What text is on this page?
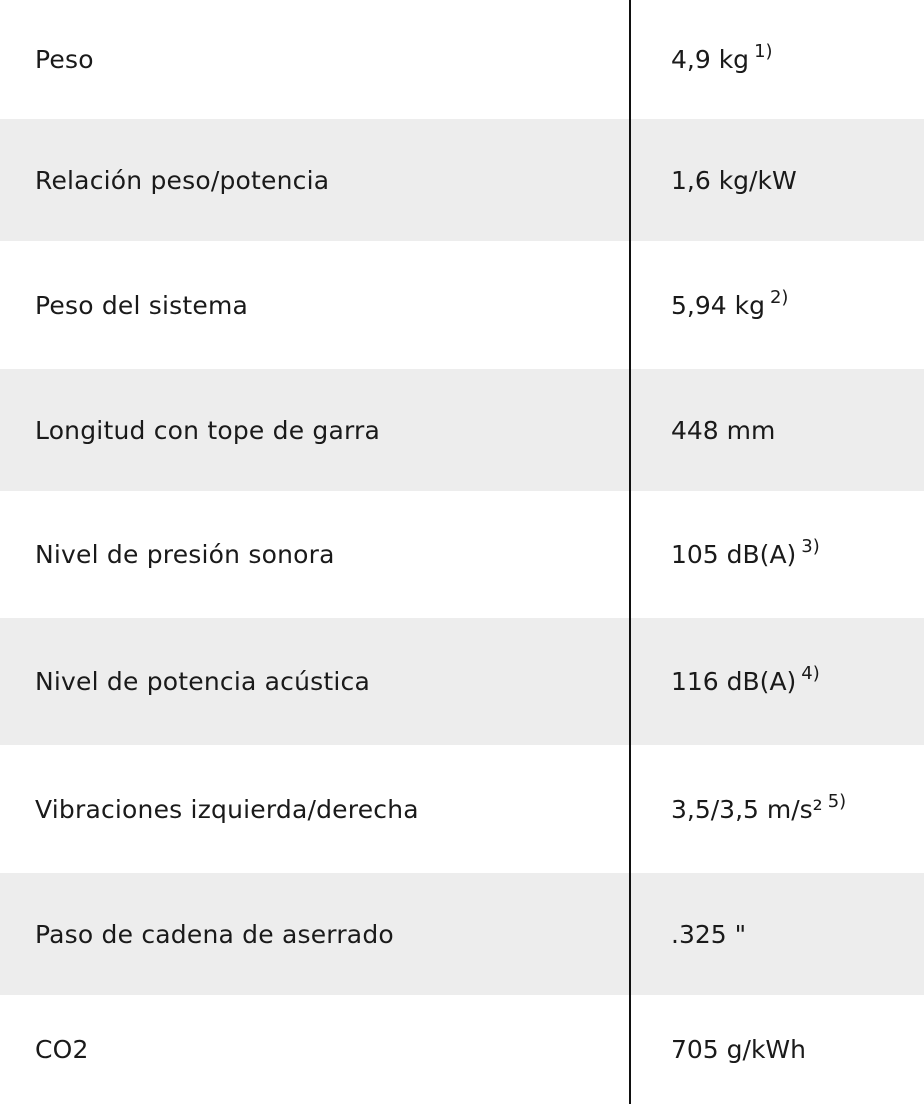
Peso	4,9 kg $^{1)}$
Relación peso/potencia	1,6 kg/kW
Peso del sistema	5,94 kg $^{2)}$
Longitud con tope de garra	448 mm
Nivel de presión sonora	105 dB(A) $^{3)}$
Nivel de potencia acústica	116 dB(A) $^{4)}$
Vibraciones izquierda/derecha	3,5/3,5 m/s² $^{5)}$
Paso de cadena de aserrado	.325 "
CO2	705 g/kWh
